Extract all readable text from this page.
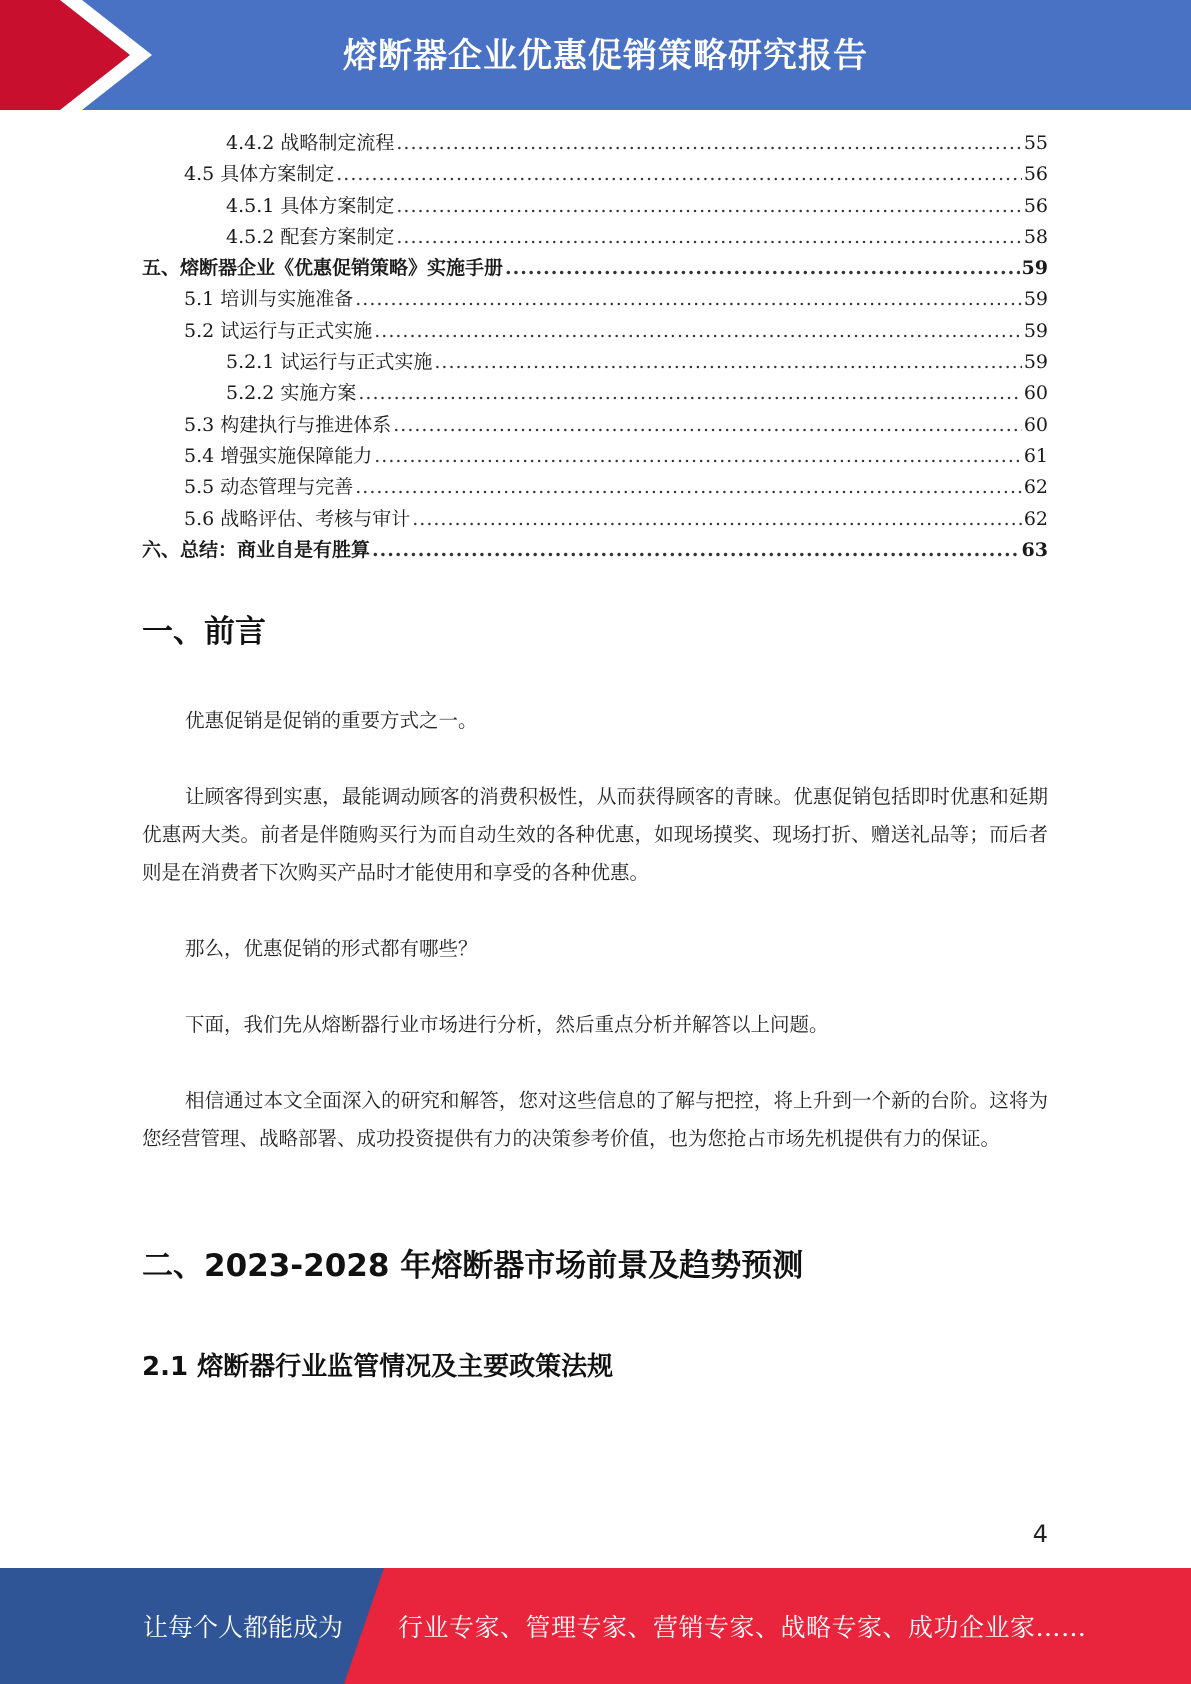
熔断器企业优惠促销策略研究报告
4.4.2 战略制定流程 .....	55
4.5 具体方案制定 .....	56
4.5.1 具体方案制定 .....	56
4.5.2 配套方案制定 .....	58
五、熔断器企业《优惠促销策略》实施手册 .....	59
5.1 培训与实施准备 .....	59
5.2 试运行与正式实施 .....	59
5.2.1 试运行与正式实施 .....	59
5.2.2 实施方案 .....	60
5.3 构建执行与推进体系 .....	60
5.4 增强实施保障能力 .....	61
5.5 动态管理与完善 .....	62
5.6 战略评估、考核与审计 .....	62
六、总结：商业自是有胜算 .....	63
一、前言
优惠促销是促销的重要方式之一。
让顾客得到实惠，最能调动顾客的消费积极性，从而获得顾客的青睐。优惠促销包括即时优惠和延期优惠两大类。前者是伴随购买行为而自动生效的各种优惠，如现场摸奖、现场打折、赠送礼品等；而后者则是在消费者下次购买产品时才能使用和享受的各种优惠。
那么，优惠促销的形式都有哪些？
下面，我们先从熔断器行业市场进行分析，然后重点分析并解答以上问题。
相信通过本文全面深入的研究和解答，您对这些信息的了解与把控，将上升到一个新的台阶。这将为您经营管理、战略部署、成功投资提供有力的决策参考价值，也为您抢占市场先机提供有力的保证。
二、2023-2028 年熔断器市场前景及趋势预测
2.1 熔断器行业监管情况及主要政策法规
4
让每个人都能成为 行业专家、管理专家、营销专家、战略专家、成功企业家……
